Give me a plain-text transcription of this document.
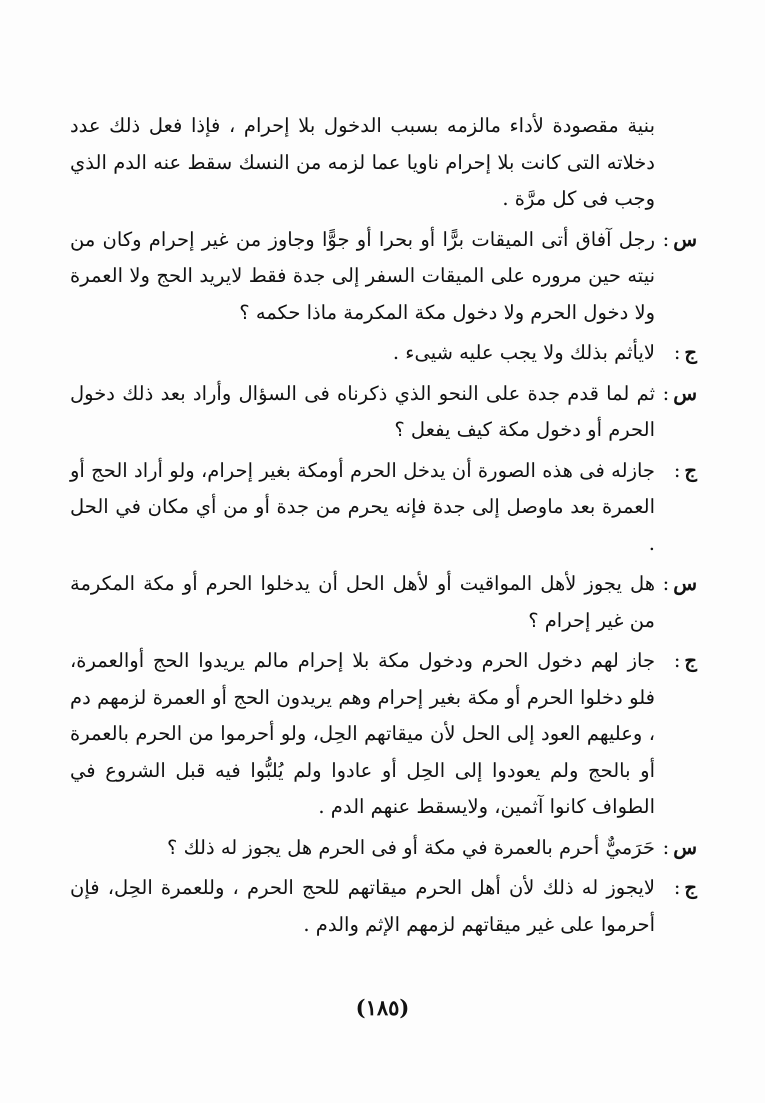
بنية مقصودة لأداء مالزمه بسبب الدخول بلا إحرام ، فإذا فعل ذلك عدد دخلاته التى كانت بلا إحرام ناويا عما لزمه من النسك سقط عنه الدم الذي وجب فى كل مرَّة .

س:
رجل آفاق أتى الميقات برًّا أو بحرا أو جوًّا وجاوز من غير إحرام وكان من نيته حين مروره على الميقات السفر إلى جدة فقط لايريد الحج ولا العمرة ولا دخول الحرم ولا دخول مكة المكرمة ماذا حكمه ؟
ج:
لايأثم بذلك ولا يجب عليه شيىء .
س:
ثم لما قدم جدة على النحو الذي ذكرناه فى السؤال وأراد بعد ذلك دخول الحرم أو دخول مكة كيف يفعل ؟
ج:
جازله فى هذه الصورة أن يدخل الحرم أومكة بغير إحرام، ولو أراد الحج أو العمرة بعد ماوصل إلى جدة فإنه يحرم من جدة أو من أي مكان في الحل .
س:
هل يجوز لأهل المواقيت أو لأهل الحل أن يدخلوا الحرم أو مكة المكرمة من غير إحرام ؟
ج:
جاز لهم دخول الحرم ودخول مكة بلا إحرام مالم يريدوا الحج أوالعمرة، فلو دخلوا الحرم أو مكة بغير إحرام وهم يريدون الحج أو العمرة لزمهم دم ، وعليهم العود إلى الحل لأن ميقاتهم الحِل، ولو أحرموا من الحرم بالعمرة أو بالحج ولم يعودوا إلى الحِل أو عادوا ولم يُلبُّوا فيه قبل الشروع في الطواف كانوا آثمين، ولايسقط عنهم الدم .
س:
حَرَميٌّ أحرم بالعمرة في مكة أو فى الحرم هل يجوز له ذلك ؟
ج:
لايجوز له ذلك لأن أهل الحرم ميقاتهم للحج الحرم ، وللعمرة الحِل، فإن أحرموا على غير ميقاتهم لزمهم الإثم والدم .
(١٨٥)
